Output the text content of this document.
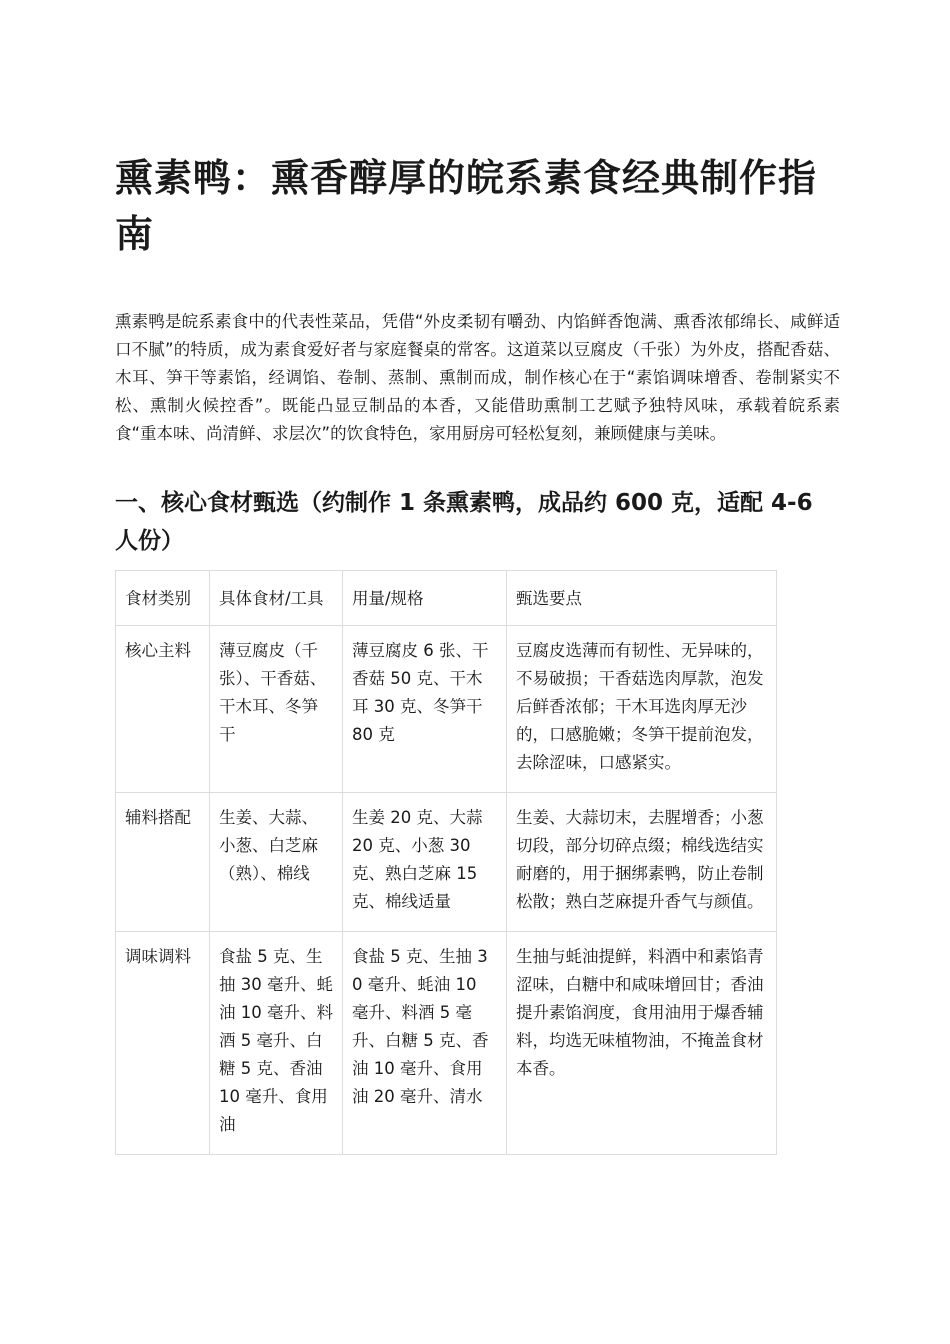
熏素鸭：熏香醇厚的皖系素食经典制作指南

熏素鸭是皖系素食中的代表性菜品，凭借“外皮柔韧有嚼劲、内馅鲜香饱满、熏香浓郁绵长、咸鲜适口不腻”的特质，成为素食爱好者与家庭餐桌的常客。这道菜以豆腐皮（千张）为外皮，搭配香菇、木耳、笋干等素馅，经调馅、卷制、蒸制、熏制而成，制作核心在于“素馅调味增香、卷制紧实不松、熏制火候控香”。既能凸显豆制品的本香，又能借助熏制工艺赋予独特风味，承载着皖系素食“重本味、尚清鲜、求层次”的饮食特色，家用厨房可轻松复刻，兼顾健康与美味。

一、核心食材甄选（约制作 1 条熏素鸭，成品约 600 克，适配 4-6 人份）
食材类别	具体食材/工具	用量/规格	甄选要点
核心主料	薄豆腐皮（千张）、干香菇、干木耳、冬笋干	薄豆腐皮 6 张、干香菇 50 克、干木耳 30 克、冬笋干 80 克	豆腐皮选薄而有韧性、无异味的，不易破损；干香菇选肉厚款，泡发后鲜香浓郁；干木耳选肉厚无沙的，口感脆嫩；冬笋干提前泡发，去除涩味，口感紧实。
辅料搭配	生姜、大蒜、小葱、白芝麻（熟）、棉线	生姜 20 克、大蒜 20 克、小葱 30 克、熟白芝麻 15 克、棉线适量	生姜、大蒜切末，去腥增香；小葱切段，部分切碎点缀；棉线选结实耐磨的，用于捆绑素鸭，防止卷制松散；熟白芝麻提升香气与颜值。
调味调料	食盐 5 克、生抽 30 毫升、蚝油 10 毫升、料酒 5 毫升、白糖 5 克、香油 10 毫升、食用油	食盐 5 克、生抽 30 毫升、蚝油 10 毫升、料酒 5 毫升、白糖 5 克、香油 10 毫升、食用油 20 毫升、清水	生抽与蚝油提鲜，料酒中和素馅青涩味，白糖中和咸味增回甘；香油提升素馅润度，食用油用于爆香辅料，均选无味植物油，不掩盖食材本香。
